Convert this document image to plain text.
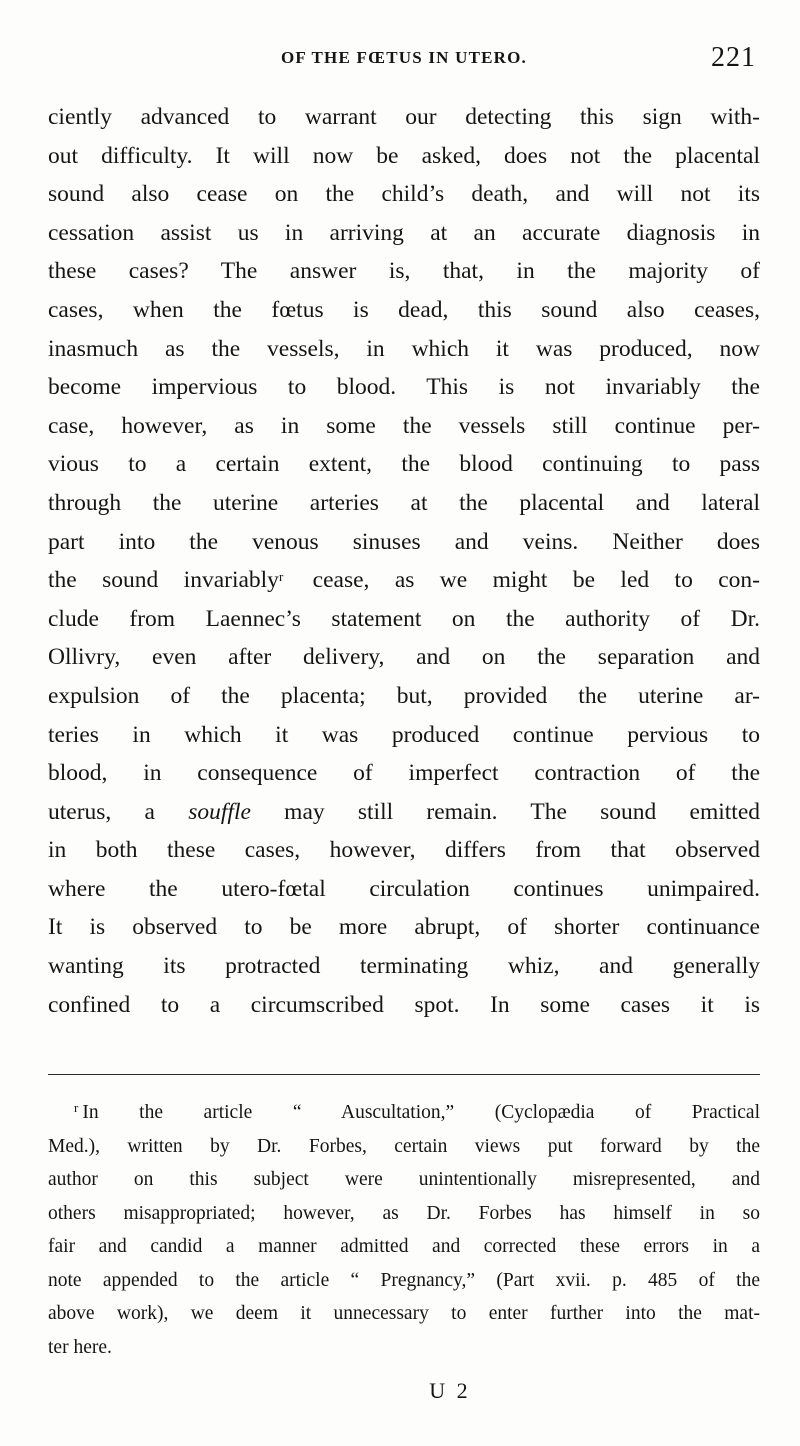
OF THE FŒTUS IN UTERO.	221
ciently advanced to warrant our detecting this sign with-
out difficulty. It will now be asked, does not the placental
sound also cease on the child’s death, and will not its
cessation assist us in arriving at an accurate diagnosis in
these cases? The answer is, that, in the majority of
cases, when the fœtus is dead, this sound also ceases,
inasmuch as the vessels, in which it was produced, now
become impervious to blood. This is not invariably the
case, however, as in some the vessels still continue per-
vious to a certain extent, the blood continuing to pass
through the uterine arteries at the placental and lateral
part into the venous sinuses and veins. Neither does
the sound invariably$^r$ cease, as we might be led to con-
clude from Laennec’s statement on the authority of Dr.
Ollivry, even after delivery, and on the separation and
expulsion of the placenta; but, provided the uterine ar-
teries in which it was produced continue pervious to
blood, in consequence of imperfect contraction of the
uterus, a souffle may still remain. The sound emitted
in both these cases, however, differs from that observed
where the utero-fœtal circulation continues unimpaired.
It is observed to be more abrupt, of shorter continuance
wanting its protracted terminating whiz, and generally
confined to a circumscribed spot. In some cases it is
$^r$ In the article “ Auscultation,” (Cyclopædia of Practical
Med.), written by Dr. Forbes, certain views put forward by the
author on this subject were unintentionally misrepresented, and
others misappropriated; however, as Dr. Forbes has himself in so
fair and candid a manner admitted and corrected these errors in a
note appended to the article “ Pregnancy,” (Part xvii. p. 485 of the
above work), we deem it unnecessary to enter further into the mat-
ter here.
U 2
